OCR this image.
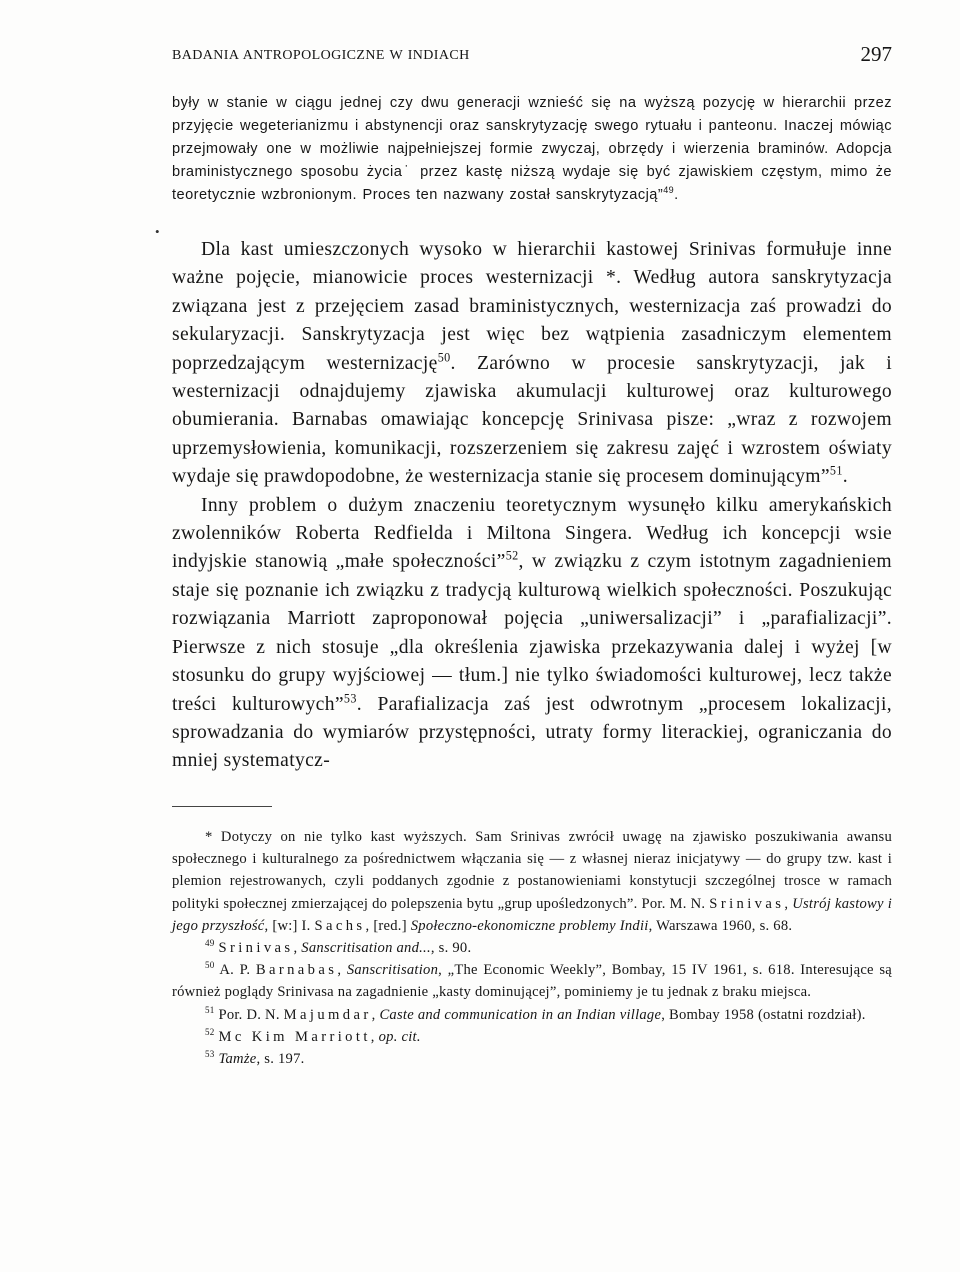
BADANIA ANTROPOLOGICZNE W INDIACH	297
były w stanie w ciągu jednej czy dwu generacji wznieść się na wyższą pozycję w hierarchii przez przyjęcie wegeterianizmu i abstynencji oraz sanskrytyzację swego rytuału i panteonu. Inaczej mówiąc przejmowały one w możliwie najpełniejszej formie zwyczaj, obrzędy i wierzenia braminów. Adopcja braministycznego sposobu życia˙ przez kastę niższą wydaje się być zjawiskiem częstym, mimo że teoretycznie wzbronionym. Proces ten nazwany został sanskrytyzacją”$^{49}$.
•

Dla kast umieszczonych wysoko w hierarchii kastowej Srinivas formułuje inne ważne pojęcie, mianowicie proces westernizacji *. Według autora sanskrytyzacja związana jest z przejęciem zasad braministycznych, westernizacja zaś prowadzi do sekularyzacji. Sanskrytyzacja jest więc bez wątpienia zasadniczym elementem poprzedzającym westernizację$^{50}$. Zarówno w procesie sanskrytyzacji, jak i westernizacji odnajdujemy zjawiska akumulacji kulturowej oraz kulturowego obumierania. Barnabas omawiając koncepcję Srinivasa pisze: „wraz z rozwojem uprzemysłowienia, komunikacji, rozszerzeniem się zakresu zajęć i wzrostem oświaty wydaje się prawdopodobne, że westernizacja stanie się procesem dominującym”$^{51}$.

Inny problem o dużym znaczeniu teoretycznym wysunęło kilku amerykańskich zwolenników Roberta Redfielda i Miltona Singera. Według ich koncepcji wsie indyjskie stanowią „małe społeczności”$^{52}$, w związku z czym istotnym zagadnieniem staje się poznanie ich związku z tradycją kulturową wielkich społeczności. Poszukując rozwiązania Marriott zaproponował pojęcia „uniwersalizacji” i „parafializacji”. Pierwsze z nich stosuje „dla określenia zjawiska przekazywania dalej i wyżej [w stosunku do grupy wyjściowej — tłum.] nie tylko świadomości kulturowej, lecz także treści kulturowych”$^{53}$. Parafializacja zaś jest odwrotnym „procesem lokalizacji, sprowadzania do wymiarów przystępności, utraty formy literackiej, ograniczania do mniej systematycz-

* Dotyczy on nie tylko kast wyższych. Sam Srinivas zwrócił uwagę na zjawisko poszukiwania awansu społecznego i kulturalnego za pośrednictwem włączania się — z własnej nieraz inicjatywy — do grupy tzw. kast i plemion rejestrowanych, czyli poddanych zgodnie z postanowieniami konstytucji szczególnej trosce w ramach polityki społecznej zmierzającej do polepszenia bytu „grup upośledzonych”. Por. M. N. Srinivas, Ustrój kastowy i jego przyszłość, [w:] I. Sachs, [red.] Społeczno-ekonomiczne problemy Indii, Warszawa 1960, s. 68.

$^{49}$ Srinivas, Sanscritisation and..., s. 90.

$^{50}$ A. P. Barnabas, Sanscritisation, „The Economic Weekly”, Bombay, 15 IV 1961, s. 618. Interesujące są również poglądy Srinivasa na zagadnienie „kasty dominującej”, pominiemy je tu jednak z braku miejsca.

$^{51}$ Por. D. N. Majumdar, Caste and communication in an Indian village, Bombay 1958 (ostatni rozdział).

$^{52}$ Mc Kim Marriott, op. cit.

$^{53}$ Tamże, s. 197.
